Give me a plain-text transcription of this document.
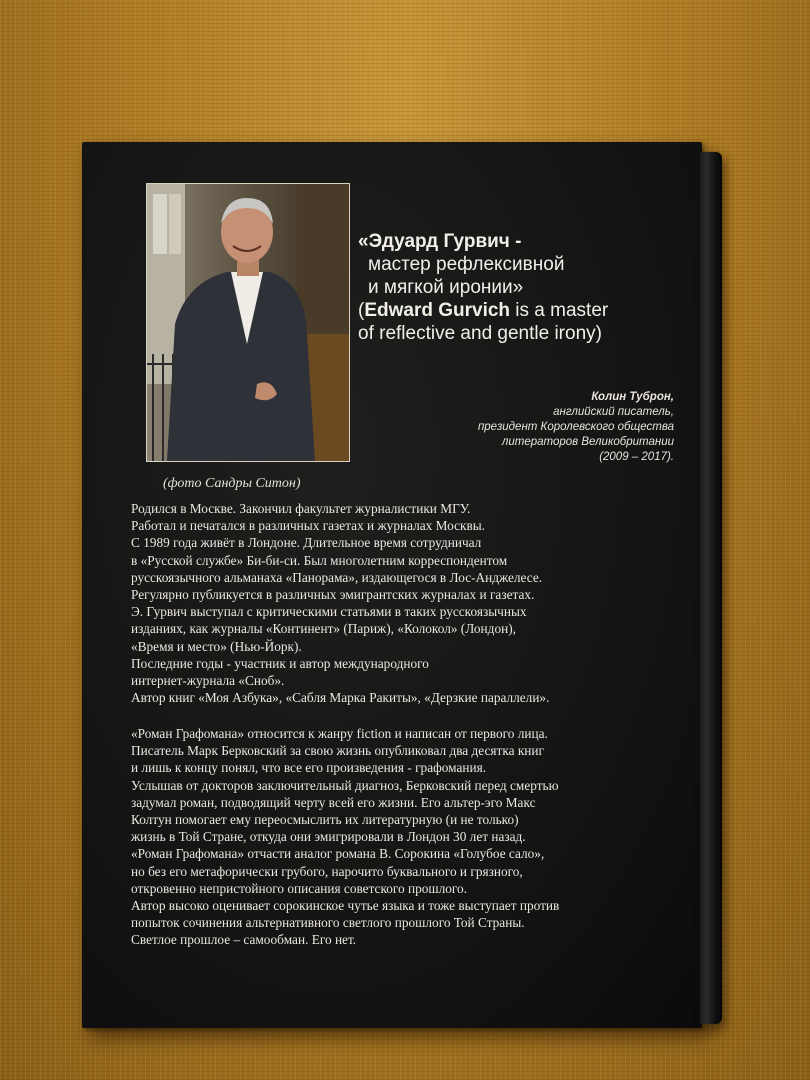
(фото Сандры Ситон)
«Эдуард Гурвич -
мастер рефлексивной
и мягкой иронии»
(Edward Gurvich is a master
of reflective and gentle irony)
Колин Туброн,
английский писатель,
президент Королевского общества
литераторов Великобритании
(2009 – 2017).
Родился в Москве. Закончил факультет журналистики МГУ.
Работал и печатался в различных газетах и журналах Москвы.
С 1989 года живёт в Лондоне. Длительное время сотрудничал
в «Русской службе» Би-би-си. Был многолетним корреспондентом
русскоязычного альманаха «Панорама», издающегося в Лос-Анджелесе.
Регулярно публикуется в различных эмигрантских журналах и газетах.
Э. Гурвич выступал с критическими статьями в таких русскоязычных
изданиях, как журналы «Континент» (Париж), «Колокол» (Лондон),
«Время и место» (Нью-Йорк).
Последние годы - участник и автор международного
интернет-журнала «Сноб».
Автор книг «Моя Азбука», «Сабля Марка Ракиты», «Дерзкие параллели».
«Роман Графомана» относится к жанру fiction и написан от первого лица.
Писатель Марк Берковский за свою жизнь опубликовал два десятка книг
и лишь к концу понял, что все его произведения - графомания.
Услышав от докторов заключительный диагноз, Берковский перед смертью
задумал роман, подводящий черту всей его жизни. Его альтер-эго Макс
Колтун помогает ему переосмыслить их литературную (и не только)
жизнь в Той Стране, откуда они эмигрировали в Лондон 30 лет назад.
«Роман Графомана» отчасти аналог романа В. Сорокина «Голубое сало»,
но без его метафорически грубого, нарочито буквального и грязного,
откровенно непристойного описания советского прошлого.
Автор высоко оценивает сорокинское чутье языка и тоже выступает против
попыток сочинения альтернативного светлого прошлого Той Страны.
Светлое прошлое – самообман. Его нет.
